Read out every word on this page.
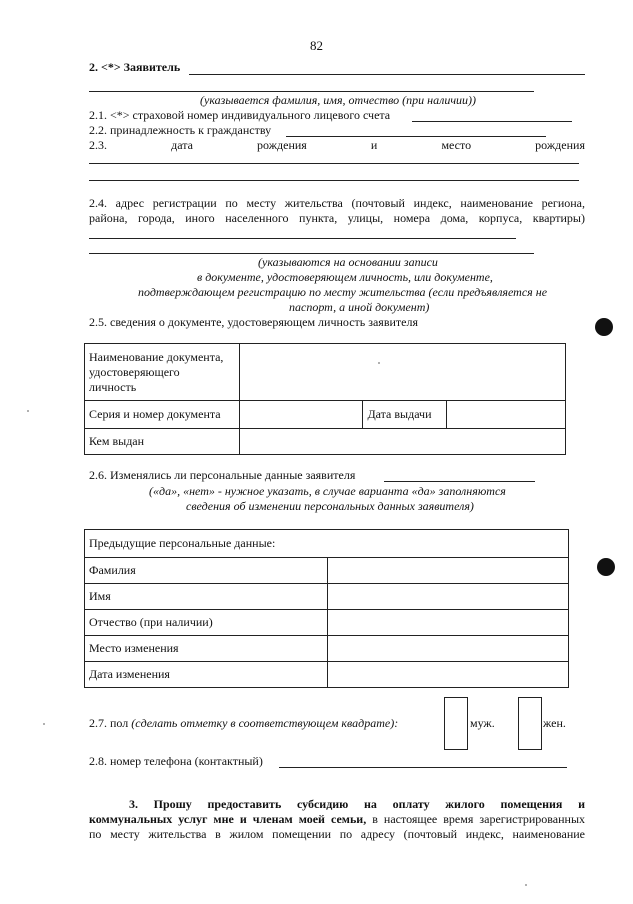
82
2. <*> Заявитель
(указывается фамилия, имя, отчество (при наличии))
2.1. <*> страховой номер индивидуального лицевого счета
2.2. принадлежность к гражданству
2.3.	дата	рождения	и	место	рождения
2.4. адрес регистрации по месту жительства (почтовый индекс, наименование региона,
района, города, иного населенного пункта, улицы, номера дома, корпуса, квартиры)
(указываются на основании записи
в документе, удостоверяющем личность, или документе,
подтверждающем регистрацию по месту жительства (если предъявляется не
паспорт, а иной документ)
2.5. сведения о документе, удостоверяющем личность заявителя
Наименование документа,
удостоверяющего
личность			

Серия и номер документа		Дата выдачи	
Кем выдан			
2.6. Изменялись ли персональные данные заявителя
(«да», «нет» - нужное указать, в случае варианта «да» заполняются
сведения об изменении персональных данных заявителя)
Предыдущие персональные данные:	
Фамилия	
Имя	
Отчество (при наличии)	
Место изменения	
Дата изменения	
2.7. пол (сделать отметку в соответствующем квадрате):	муж.	жен.
2.8. номер телефона (контактный)
3. Прошу предоставить субсидию на оплату жилого помещения и
коммунальных услуг мне и членам моей семьи, в настоящее время зарегистрированных
по месту жительства в жилом помещении по адресу (почтовый индекс, наименование
